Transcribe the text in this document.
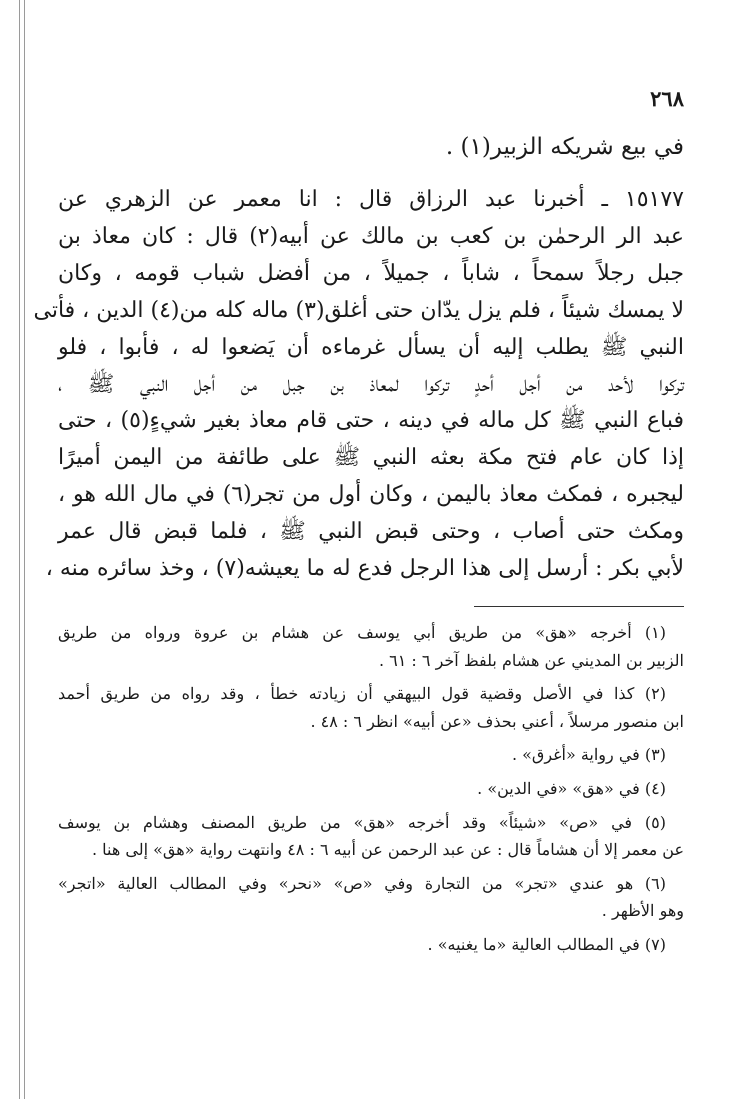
٢٦٨
في بيع شريكه الزبير(١) .
١٥١٧٧ ـ أخبرنا عبد الرزاق قال : انا معمر عن الزهري عن
عبد الر الرحمٰن بن كعب بن مالك عن أبيه(٢) قال : كان معاذ بن
جبل رجلاً سمحاً ، شاباً ، جميلاً ، من أفضل شباب قومه ، وكان
لا يمسك شيئاً ، فلم يزل يدّان حتى أغلق(٣) ماله كله من(٤) الدين ، فأتى
النبي ﷺ يطلب إليه أن يسأل غرماءه أن يَضعوا له ، فأبوا ، فلو
تركوا لأحد من أجل أحدٍ تركوا لمعاذ بن جبل من أجل النبي ﷺ ،
فباع النبي ﷺ كل ماله في دينه ، حتى قام معاذ بغير شيءٍ(٥) ، حتى
إذا كان عام فتح مكة بعثه النبي ﷺ على طائفة من اليمن أميرًا
ليجبره ، فمكث معاذ باليمن ، وكان أول من تجر(٦) في مال الله هو ،
ومكث حتى أصاب ، وحتى قبض النبي ﷺ ، فلما قبض قال عمر
لأبي بكر : أرسل إلى هذا الرجل فدع له ما يعيشه(٧) ، وخذ سائره منه ،
(١) أخرجه «هق» من طريق أبي يوسف عن هشام بن عروة ورواه من طريق
الزبير بن المديني عن هشام بلفظ آخر ٦ : ٦١ .
(٢) كذا في الأصل وقضية قول البيهقي أن زيادته خطأ ، وقد رواه من طريق أحمد
ابن منصور مرسلاً ، أعني بحذف «عن أبيه» انظر ٦ : ٤٨ .
(٣) في رواية «أغرق» .
(٤) في «هق» «في الدين» .
(٥) في «ص» «شيئاً» وقد أخرجه «هق» من طريق المصنف وهشام بن يوسف
عن معمر إلا أن هشاماً قال : عن عبد الرحمن عن أبيه ٦ : ٤٨ وانتهت رواية «هق» إلى هنا .
(٦) هو عندي «تجر» من التجارة وفي «ص» «نحر» وفي المطالب العالية «اتجر»
وهو الأظهر .
(٧) في المطالب العالية «ما يغنيه» .
